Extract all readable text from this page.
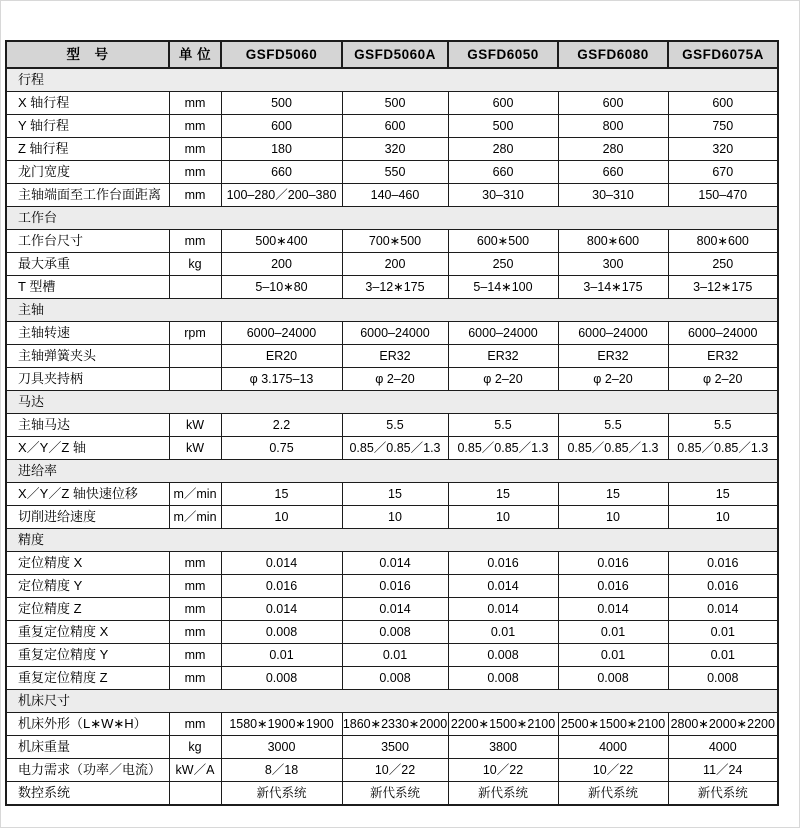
型　号	单 位	GSFD5060	GSFD5060A	GSFD6050	GSFD6080	GSFD6075A
行程						
X 轴行程	mm	500	500	600	600	600
Y 轴行程	mm	600	600	500	800	750
Z 轴行程	mm	180	320	280	280	320
龙门宽度	mm	660	550	660	660	670
主轴端面至工作台面距离	mm	100–280／200–380	140–460	30–310	30–310	150–470
工作台						
工作台尺寸	mm	500∗400	700∗500	600∗500	800∗600	800∗600
最大承重	kg	200	200	250	300	250
T 型槽		5–10∗80	3–12∗175	5–14∗100	3–14∗175	3–12∗175
主轴						
主轴转速	rpm	6000–24000	6000–24000	6000–24000	6000–24000	6000–24000
主轴弹簧夹头		ER20	ER32	ER32	ER32	ER32
刀具夹持柄		φ 3.175–13	φ 2–20	φ 2–20	φ 2–20	φ 2–20
马达						
主轴马达	kW	2.2	5.5	5.5	5.5	5.5
X／Y／Z 轴	kW	0.75	0.85／0.85／1.3	0.85／0.85／1.3	0.85／0.85／1.3	0.85／0.85／1.3
进给率						
X／Y／Z 轴快速位移	m／min	15	15	15	15	15
切削进给速度	m／min	10	10	10	10	10
精度						
定位精度 X	mm	0.014	0.014	0.016	0.016	0.016
定位精度 Y	mm	0.016	0.016	0.014	0.016	0.016
定位精度 Z	mm	0.014	0.014	0.014	0.014	0.014
重复定位精度 X	mm	0.008	0.008	0.01	0.01	0.01
重复定位精度 Y	mm	0.01	0.01	0.008	0.01	0.01
重复定位精度 Z	mm	0.008	0.008	0.008	0.008	0.008
机床尺寸						
机床外形（L∗W∗H）	mm	1580∗1900∗1900	1860∗2330∗2000	2200∗1500∗2100	2500∗1500∗2100	2800∗2000∗2200
机床重量	kg	3000	3500	3800	4000	4000
电力需求（功率／电流）	kW／A	8／18	10／22	10／22	10／22	11／24
数控系统		新代系统	新代系统	新代系统	新代系统	新代系统
